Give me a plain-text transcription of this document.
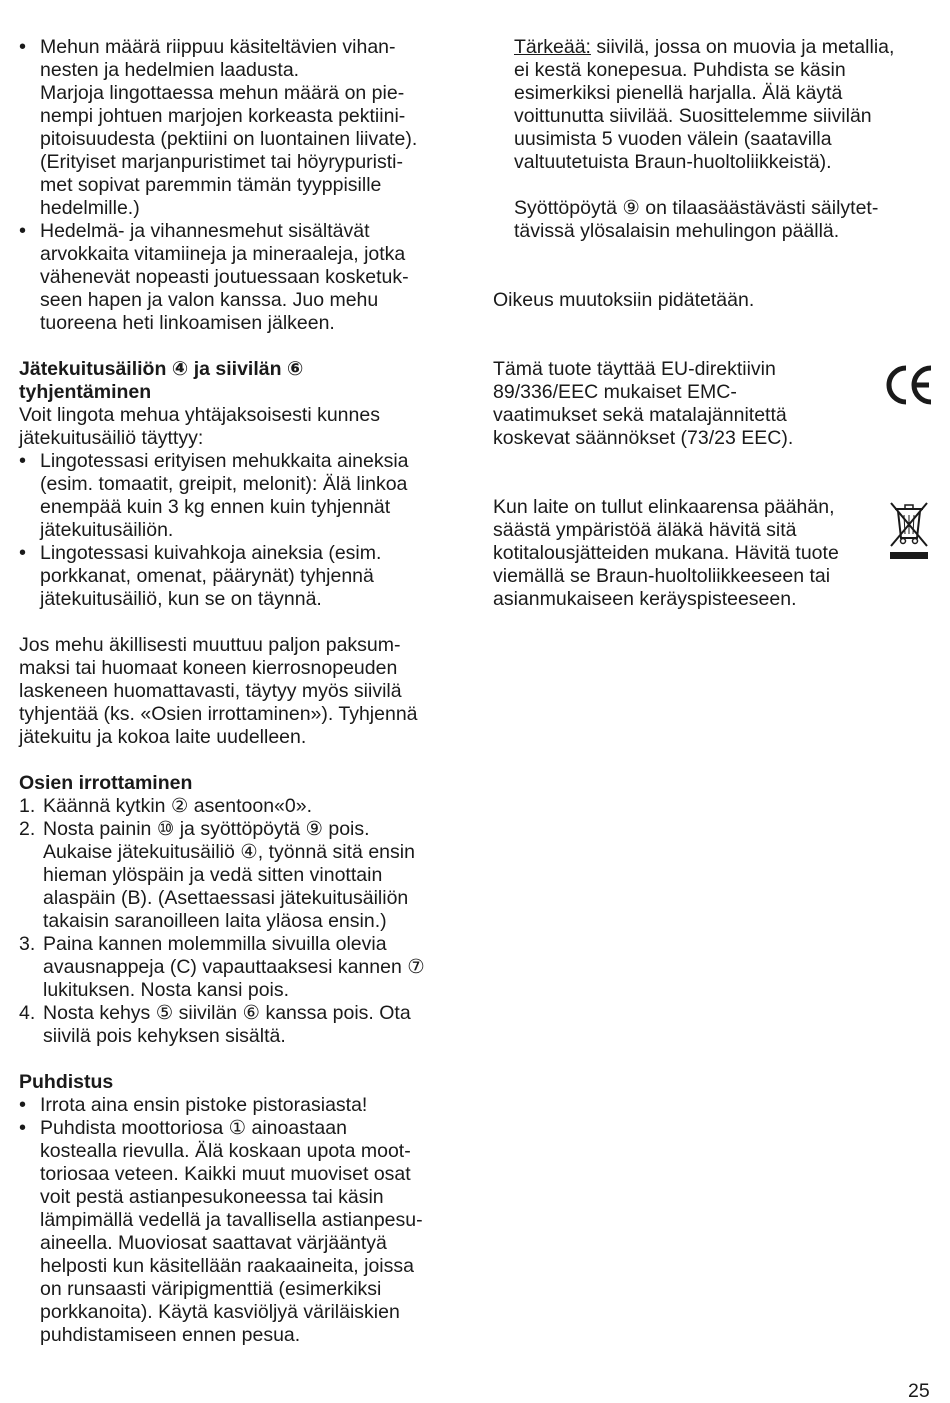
• Mehun määrä riippuu käsiteltävien vihan-
nesten ja hedelmien laadusta.
Marjoja lingottaessa mehun määrä on pie-
nempi johtuen marjojen korkeasta pektiini-
pitoisuudesta (pektiini on luontainen liivate).
(Erityiset marjanpuristimet tai höyrypuristi-
met sopivat paremmin tämän tyyppisille
hedelmille.)
• Hedelmä- ja vihannesmehut sisältävät
arvokkaita vitamiineja ja mineraaleja, jotka
vähenevät nopeasti joutuessaan kosketuk-
seen hapen ja valon kanssa. Juo mehu
tuoreena heti linkoamisen jälkeen.
Jätekuitusäiliön ④ ja siivilän ⑥
tyhjentäminen

Voit lingota mehua yhtäjaksoisesti kunnes
jätekuitusäiliö täyttyy:

• Lingotessasi erityisen mehukkaita aineksia
(esim. tomaatit, greipit, melonit): Älä linkoa
enempää kuin 3 kg ennen kuin tyhjennät
jätekuitusäiliön.
• Lingotessasi kuivahkoja aineksia (esim.
porkkanat, omenat, päärynät) tyhjennä
jätekuitusäiliö, kun se on täynnä.

Jos mehu äkillisesti muuttuu paljon paksum-
maksi tai huomaat koneen kierrosnopeuden
laskeneen huomattavasti, täytyy myös siivilä
tyhjentää (ks. «Osien irrottaminen»). Tyhjennä
jätekuitu ja kokoa laite uudelleen.

Osien irrottaminen
1. Käännä kytkin ② asentoon«0».
2. Nosta painin ⑩ ja syöttöpöytä ⑨ pois.
Aukaise jätekuitusäiliö ④, työnnä sitä ensin
hieman ylöspäin ja vedä sitten vinottain
alaspäin (B). (Asettaessasi jätekuitusäiliön
takaisin saranoilleen laita yläosa ensin.)
3. Paina kannen molemmilla sivuilla olevia
avausnappeja (C) vapauttaaksesi kannen ⑦
lukituksen. Nosta kansi pois.
4. Nosta kehys ⑤ siivilän ⑥ kanssa pois. Ota
siivilä pois kehyksen sisältä.
Puhdistus
• Irrota aina ensin pistoke pistorasiasta!
• Puhdista moottoriosa ① ainoastaan
kostealla rievulla. Älä koskaan upota moot-
toriosaa veteen. Kaikki muut muoviset osat
voit pestä astianpesukoneessa tai käsin
lämpimällä vedellä ja tavallisella astianpesu-
aineella. Muoviosat saattavat värjääntyä
helposti kun käsitellään raakaaineita, joissa
on runsaasti väripigmenttiä (esimerkiksi
porkkanoita). Käytä kasviöljyä väriläiskien
puhdistamiseen ennen pesua.

Tärkeää: siivilä, jossa on muovia ja metallia,
ei kestä konepesua. Puhdista se käsin
esimerkiksi pienellä harjalla. Älä käytä
voittunutta siivilää. Suosittelemme siivilän
uusimista 5 vuoden välein (saatavilla
valtuutetuista Braun-huoltoliikkeistä).

Syöttöpöytä ⑨ on tilaasäästävästi säilytet-
tävissä ylösalaisin mehulingon päällä.

Oikeus muutoksiin pidätetään.

Tämä tuote täyttää EU-direktiivin
89/336/EEC mukaiset EMC-
vaatimukset sekä matalajännitettä
koskevat säännökset (73/23 EEC).

Kun laite on tullut elinkaarensa päähän,
säästä ympäristöä äläkä hävitä sitä
kotitalousjätteiden mukana. Hävitä tuote
viemällä se Braun-huoltoliikkeeseen tai
asianmukaiseen keräyspisteeseen.

25
